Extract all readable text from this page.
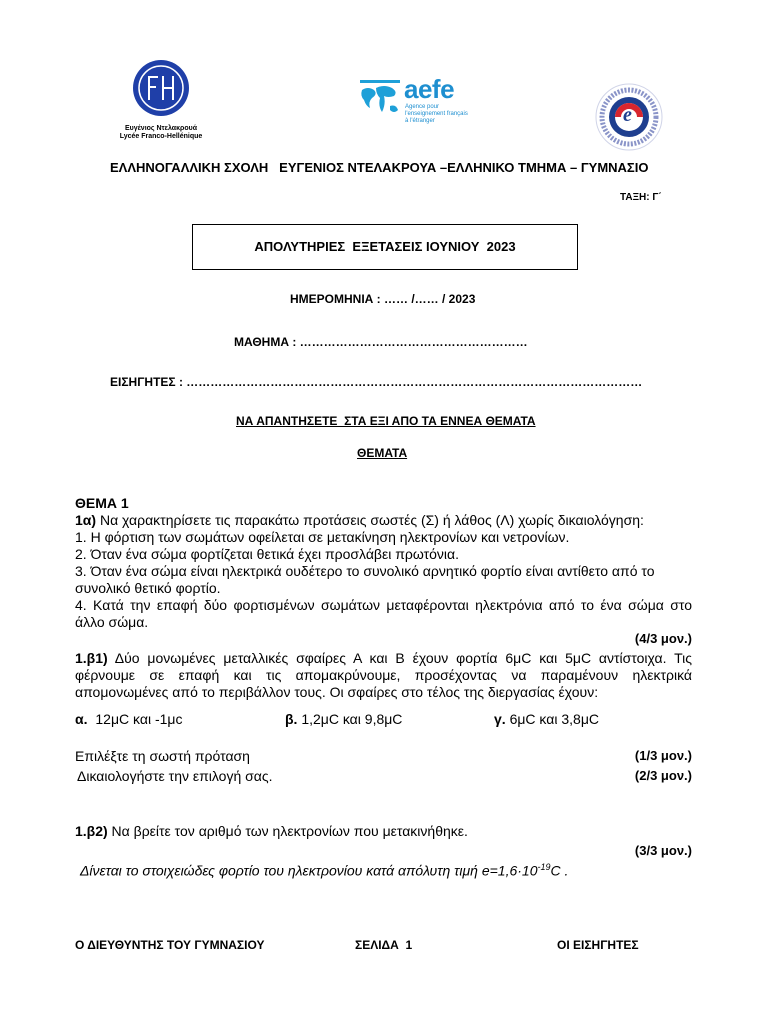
Ευγένιος Ντελακρουά
Lycée Franco-Hellénique
aefe
Agence pour
l'enseignement français
à l'étranger	e
ΕΛΛΗΝΟΓΑΛΛΙΚΗ ΣΧΟΛΗ   ΕΥΓΕΝΙΟΣ ΝΤΕΛΑΚΡΟΥΑ –ΕΛΛΗΝΙΚΟ ΤΜΗΜΑ – ΓΥΜΝΑΣΙΟ
ΤΑΞΗ: Γ΄
ΑΠΟΛΥΤΗΡΙΕΣ  ΕΞΕΤΑΣΕΙΣ ΙΟΥΝΙΟΥ  2023
ΗΜΕΡΟΜΗΝΙΑ : …… /…… / 2023
ΜΑΘΗΜΑ : …………………………………………………
ΕΙΣΗΓΗΤΕΣ : ……………………………………………………………………………………………………
ΝΑ ΑΠΑΝΤΗΣΕΤΕ  ΣΤΑ ΕΞΙ ΑΠΟ ΤΑ ΕΝΝΕΑ ΘΕΜΑΤΑ
ΘΕΜΑΤΑ
ΘΕΜΑ 1
1α) Να χαρακτηρίσετε τις παρακάτω προτάσεις σωστές (Σ) ή λάθος (Λ) χωρίς δικαιολόγηση:
1. Η φόρτιση των σωμάτων οφείλεται σε μετακίνηση ηλεκτρονίων και νετρονίων.
2. Όταν ένα σώμα φορτίζεται θετικά έχει προσλάβει πρωτόνια.
3. Όταν ένα σώμα είναι ηλεκτρικά ουδέτερο το συνολικό αρνητικό φορτίο είναι αντίθετο από το συνολικό θετικό φορτίο.
4. Κατά την επαφή δύο φορτισμένων σωμάτων μεταφέρονται ηλεκτρόνια από το ένα σώμα στο άλλο σώμα.
(4/3 μον.)
1.β1) Δύο μονωμένες μεταλλικές σφαίρες Α και Β έχουν φορτία 6μC και 5μC αντίστοιχα. Τις φέρνουμε σε επαφή και τις απομακρύνουμε, προσέχοντας να παραμένουν ηλεκτρικά απομονωμένες από το περιβάλλον τους. Οι σφαίρες στο τέλος της διεργασίας έχουν:
α. 12μC και -1μc	β. 1,2μC και 9,8μC	γ. 6μC και 3,8μC
Επιλέξτε τη σωστή πρόταση	(1/3 μον.)
Δικαιολογήστε την επιλογή σας.	(2/3 μον.)
1.β2) Να βρείτε τον αριθμό των ηλεκτρονίων που μετακινήθηκε.
(3/3 μον.)
Δίνεται το στοιχειώδες φορτίο του ηλεκτρονίου κατά απόλυτη τιμή $e=1,6\cdot 10^{-19}C$ .
Ο ΔΙΕΥΘΥΝΤΗΣ ΤΟΥ ΓΥΜΝΑΣΙΟΥ	ΣΕΛΙΔΑ  1	ΟΙ ΕΙΣΗΓΗΤΕΣ
